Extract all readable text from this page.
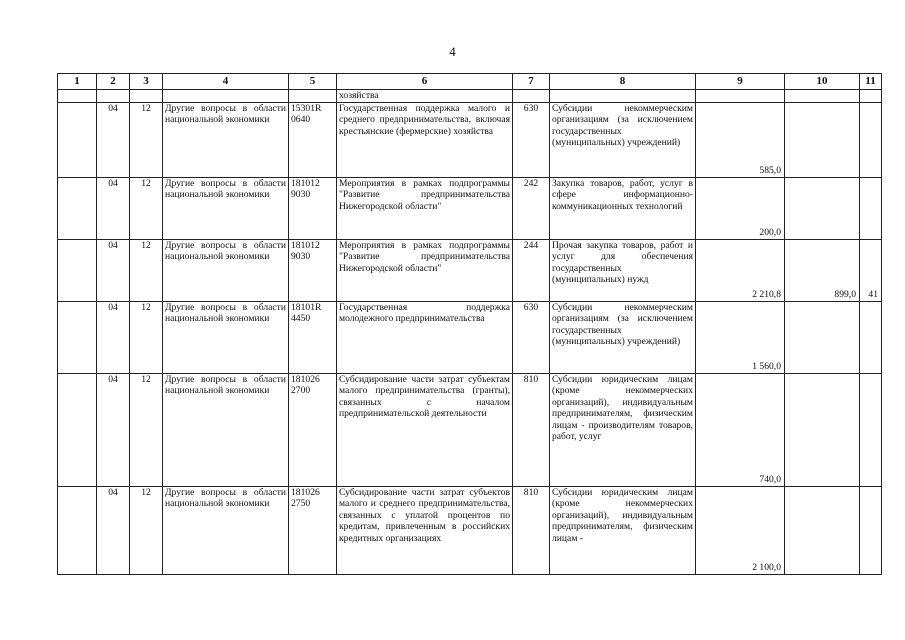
4
1	2	3	4	5	6	7	8	9	10	11
					хозяйства					
	04	12	Другие вопросы в области национальной экономики	15301R 0640	Государственная поддержка малого и среднего предпринимательства, включая крестьянские (фермерские) хозяйства	630	Субсидии некоммерческим организациям (за исключением государственных (муниципальных) учреждений)	585,0		
	04	12	Другие вопросы в области национальной экономики	181012 9030	Мероприятия в рамках подпрограммы "Развитие предпринимательства Нижегородской области"	242	Закупка товаров, работ, услуг в сфере информационно-коммуникационных технологий	200,0		
	04	12	Другие вопросы в области национальной экономики	181012 9030	Мероприятия в рамках подпрограммы "Развитие предпринимательства Нижегородской области"	244	Прочая закупка товаров, работ и услуг для обеспечения государственных (муниципальных) нужд	2 210,8	899,0	41
	04	12	Другие вопросы в области национальной экономики	18101R 4450	Государственная поддержка молодежного предпринимательства	630	Субсидии некоммерческим организациям (за исключением государственных (муниципальных) учреждений)	1 560,0		
	04	12	Другие вопросы в области национальной экономики	181026 2700	Субсидирование части затрат субъектам малого предпринимательства (гранты), связанных с началом предпринимательской деятельности	810	Субсидии юридическим лицам (кроме некоммерческих организаций), индивидуальным предпринимателям, физическим лицам - производителям товаров, работ, услуг	740,0		
	04	12	Другие вопросы в области национальной экономики	181026 2750	Субсидирование части затрат субъектов малого и среднего предпринимательства, связанных с уплатой процентов по кредитам, привлеченным в российских кредитных организациях	810	Субсидии юридическим лицам (кроме некоммерческих организаций), индивидуальным предпринимателям, физическим лицам -	2 100,0		
